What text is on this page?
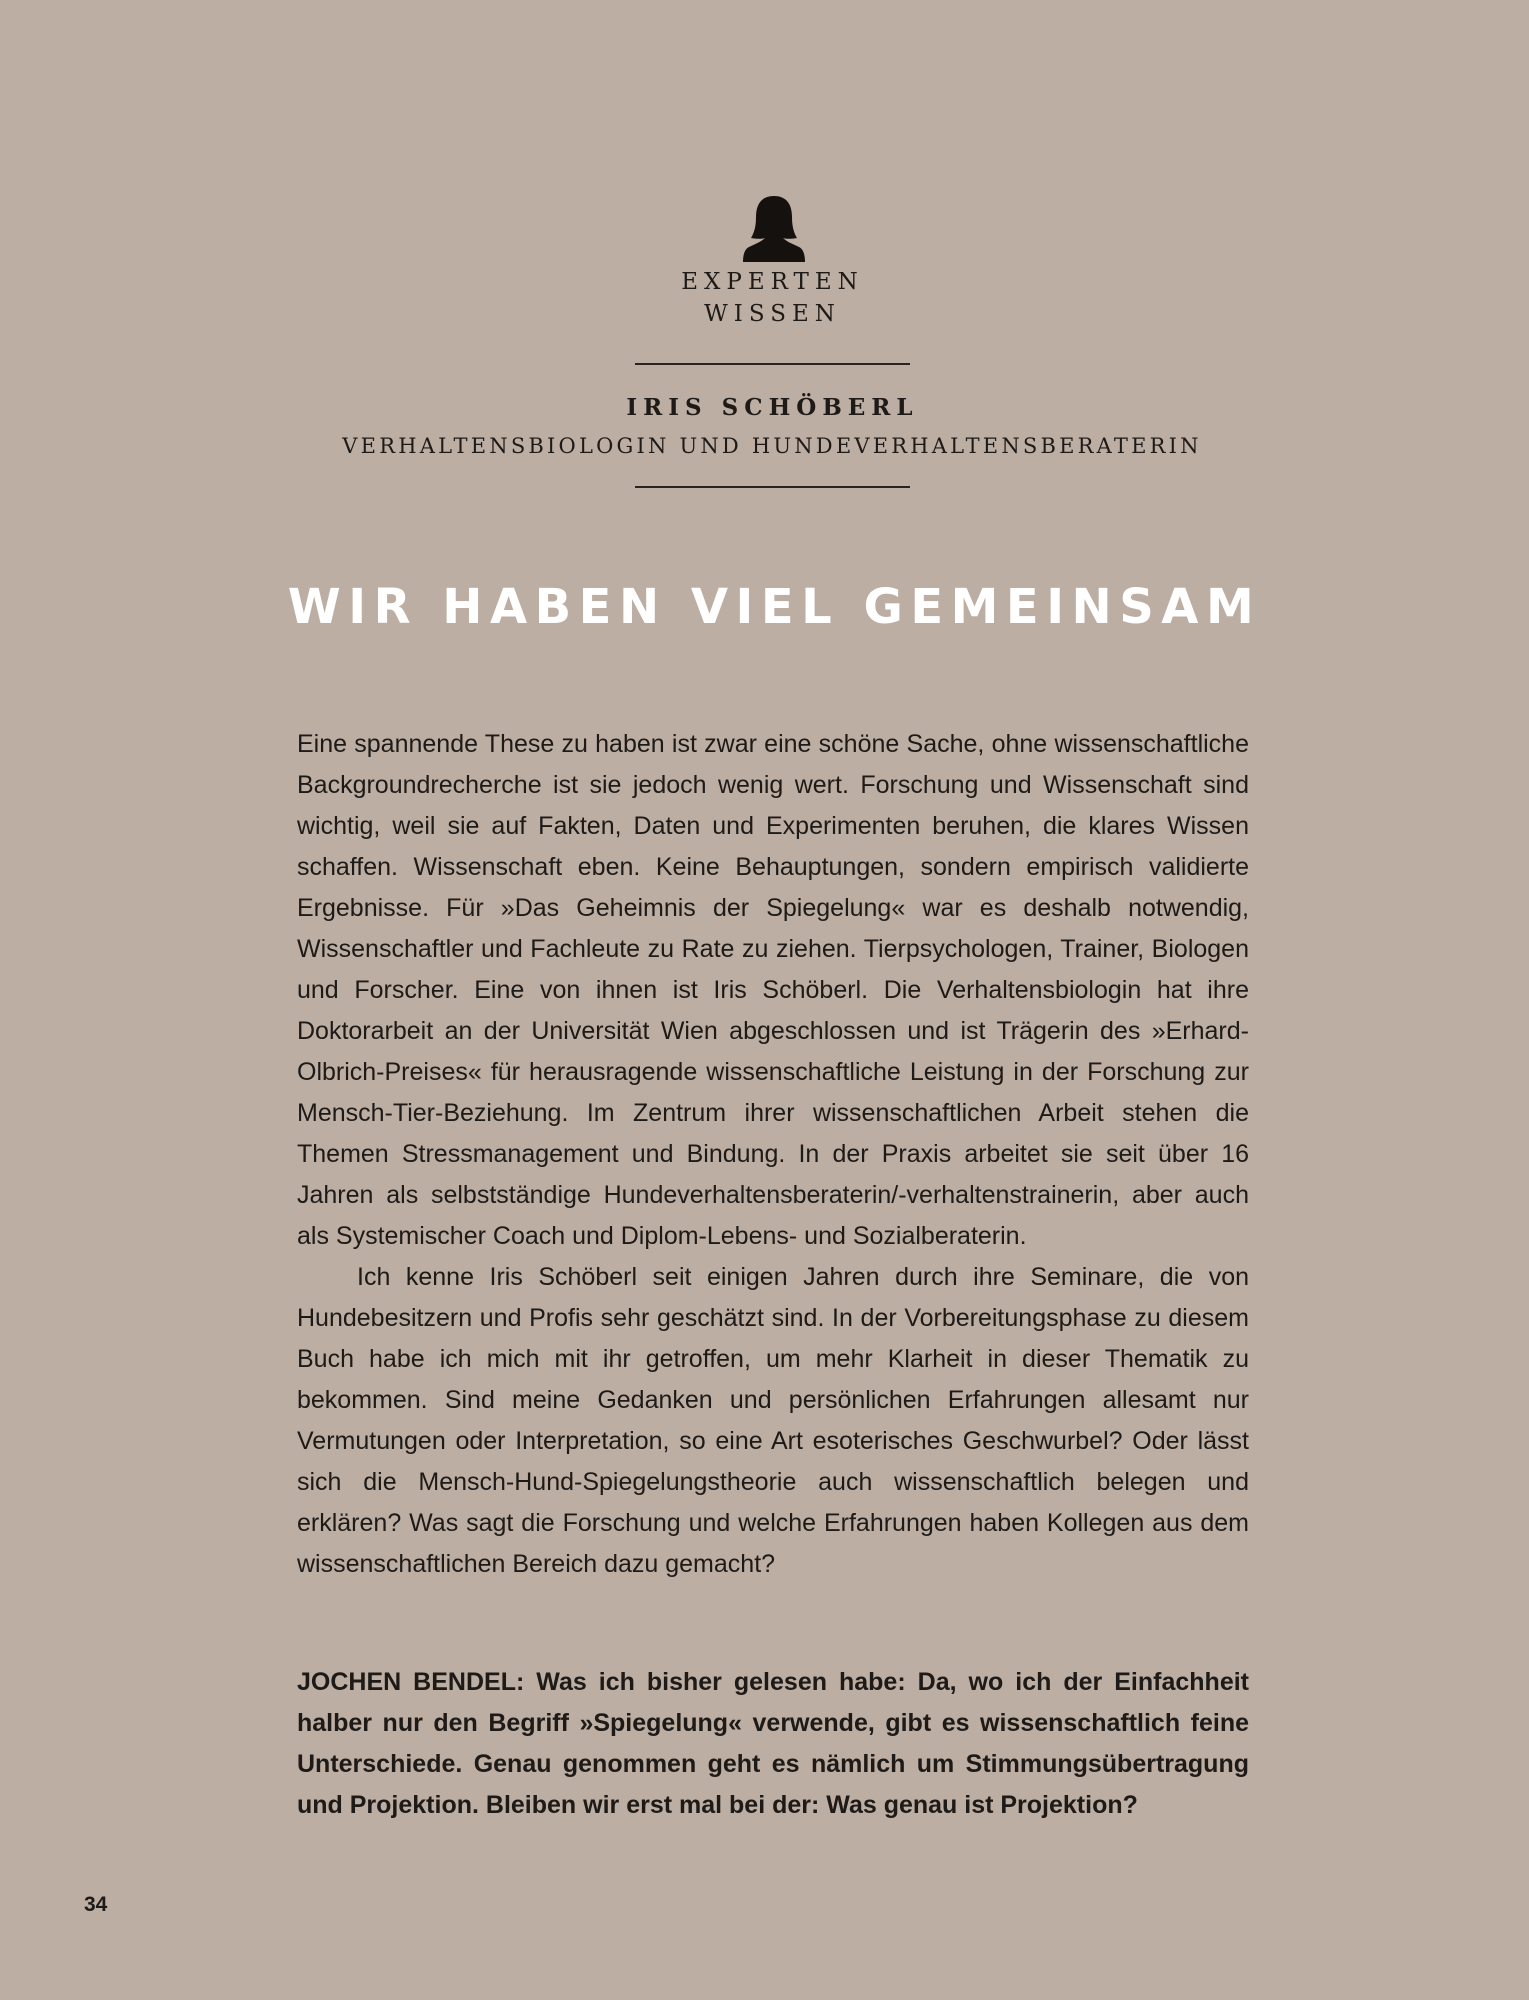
EXPERTEN
WISSEN
IRIS SCHÖBERL
VERHALTENSBIOLOGIN UND HUNDEVERHALTENSBERATERIN
WIR HABEN VIEL GEMEINSAM

Eine spannende These zu haben ist zwar eine schöne Sache, ohne wissenschaftliche Backgroundrecherche ist sie jedoch wenig wert. Forschung und Wissenschaft sind wichtig, weil sie auf Fakten, Daten und Experimenten beruhen, die klares Wissen schaffen. Wissenschaft eben. Keine Behauptungen, sondern empirisch validierte Ergebnisse. Für »Das Geheimnis der Spiegelung« war es deshalb notwendig, Wissenschaftler und Fachleute zu Rate zu ziehen. Tierpsychologen, Trainer, Biologen und Forscher. Eine von ihnen ist Iris Schöberl. Die Verhaltensbiologin hat ihre Doktorarbeit an der Universität Wien abgeschlossen und ist Trägerin des »Erhard-Olbrich-Preises« für herausragende wissenschaftliche Leistung in der Forschung zur Mensch-Tier-Beziehung. Im Zentrum ihrer wissenschaftlichen Arbeit stehen die Themen Stressmanagement und Bindung. In der Praxis arbeitet sie seit über 16 Jahren als selbstständige Hundeverhaltensberaterin/-verhaltenstrainerin, aber auch als Systemischer Coach und Diplom-Lebens- und Sozialberaterin.

Ich kenne Iris Schöberl seit einigen Jahren durch ihre Seminare, die von Hundebesitzern und Profis sehr geschätzt sind. In der Vorbereitungsphase zu diesem Buch habe ich mich mit ihr getroffen, um mehr Klarheit in dieser Thematik zu bekommen. Sind meine Gedanken und persönlichen Erfahrungen allesamt nur Vermutungen oder Interpretation, so eine Art esoterisches Geschwurbel? Oder lässt sich die Mensch-Hund-Spiegelungstheorie auch wissenschaftlich belegen und erklären? Was sagt die Forschung und welche Erfahrungen haben Kollegen aus dem wissenschaftlichen Bereich dazu gemacht?

JOCHEN BENDEL: Was ich bisher gelesen habe: Da, wo ich der Einfachheit halber nur den Begriff »Spiegelung« verwende, gibt es wissenschaftlich feine Unterschiede. Genau genommen geht es nämlich um Stimmungsübertragung und Projektion. Bleiben wir erst mal bei der: Was genau ist Projektion?

34
